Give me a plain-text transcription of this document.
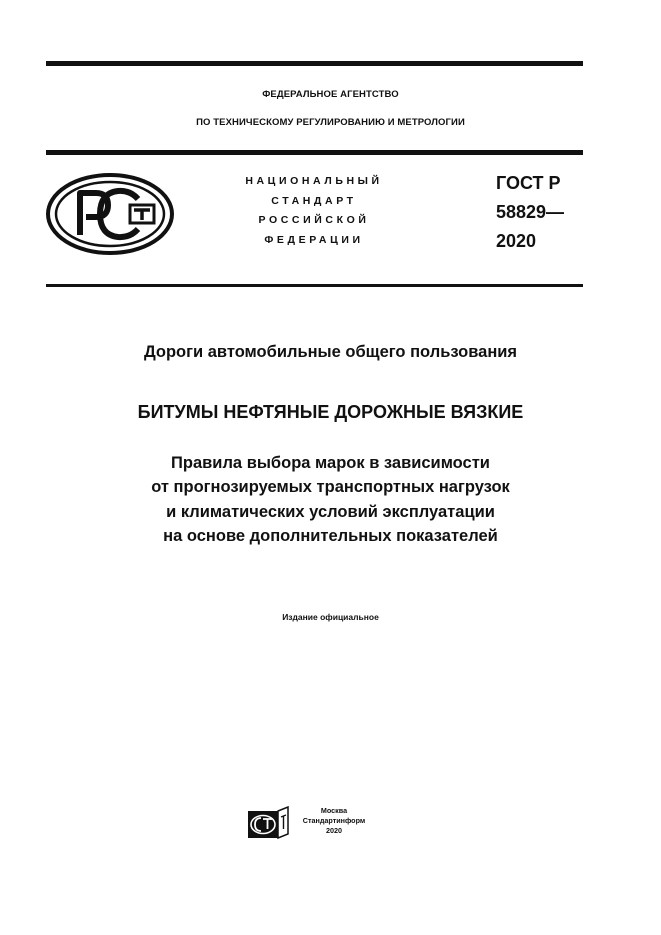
ФЕДЕРАЛЬНОЕ АГЕНТСТВО
ПО ТЕХНИЧЕСКОМУ РЕГУЛИРОВАНИЮ И МЕТРОЛОГИИ
НАЦИОНАЛЬНЫЙ
СТАНДАРТ
РОССИЙСКОЙ
ФЕДЕРАЦИИ
ГОСТ Р
58829—
2020
Дороги автомобильные общего пользования
БИТУМЫ НЕФТЯНЫЕ ДОРОЖНЫЕ ВЯЗКИЕ
Правила выбора марок в зависимости
от прогнозируемых транспортных нагрузок
и климатических условий эксплуатации
на основе дополнительных показателей
Издание официальное
Москва
Стандартинформ
2020
